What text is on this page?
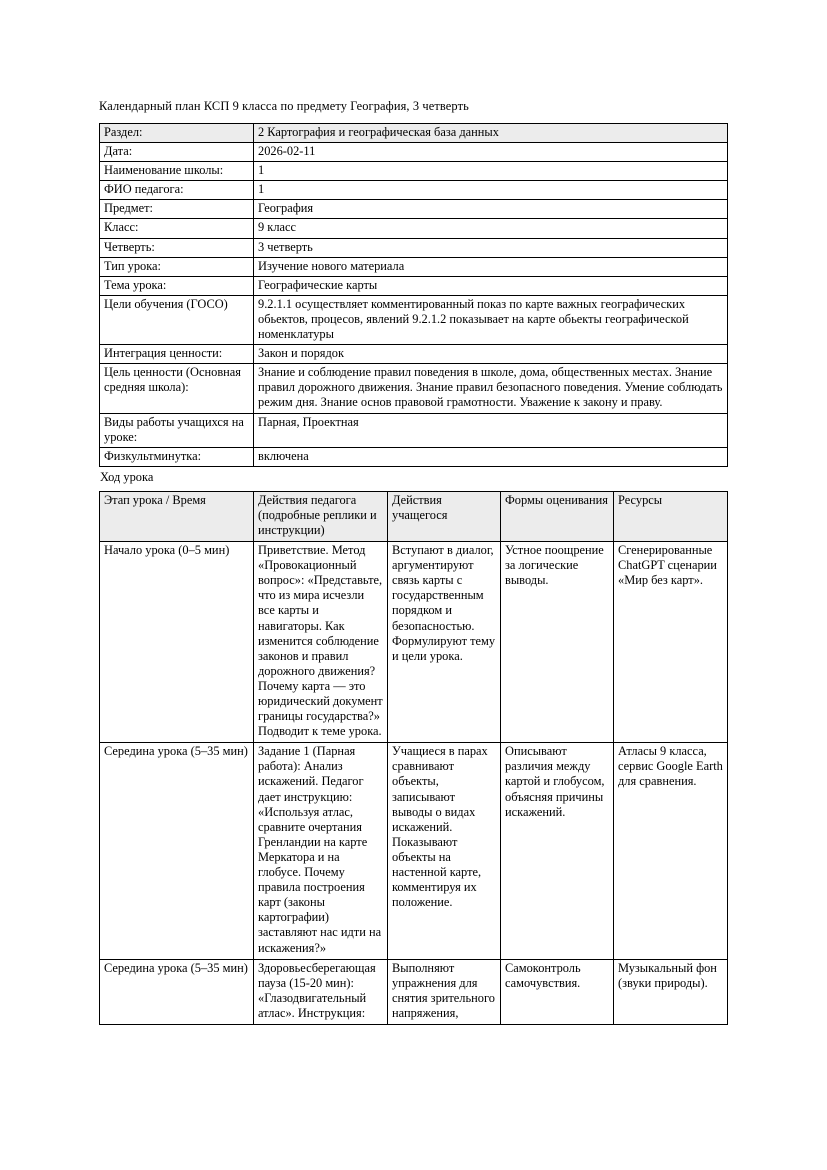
Календарный план КСП 9 класса по предмету География, 3 четверть

Раздел:	2 Картография и географическая база данных
Дата:	2026-02-11
Наименование школы:	1
ФИО педагога:	1
Предмет:	География
Класс:	9 класс
Четверть:	3 четверть
Тип урока:	Изучение нового материала
Тема урока:	Географические карты
Цели обучения (ГОСО)	9.2.1.1 осуществляет комментированный показ по карте важных географических обьектов, процесов, явлений 9.2.1.2 показывает на карте обьекты географической номенклатуры
Интеграция ценности:	Закон и порядок
Цель ценности (Основная средняя школа):	Знание и соблюдение правил поведения в школе, дома, общественных местах. Знание правил дорожного движения. Знание правил безопасного поведения. Умение соблюдать режим дня. Знание основ правовой грамотности. Уважение к закону и праву.
Виды работы учащихся на уроке:	Парная, Проектная
Физкультминутка:	включена

Ход урока

Этап урока / Время	Действия педагога (подробные реплики и инструкции)	Действия учащегося	Формы оценивания	Ресурсы
Начало урока (0–5 мин)	Приветствие. Метод «Провокационный вопрос»: «Представьте, что из мира исчезли все карты и навигаторы. Как изменится соблюдение законов и правил дорожного движения? Почему карта — это юридический документ границы государства?» Подводит к теме урока.	Вступают в диалог, аргументируют связь карты с государственным порядком и безопасностью. Формулируют тему и цели урока.	Устное поощрение за логические выводы.	Сгенерированные ChatGPT сценарии «Мир без карт».
Середина урока (5–35 мин)	Задание 1 (Парная работа): Анализ искажений. Педагог дает инструкцию: «Используя атлас, сравните очертания Гренландии на карте Меркатора и на глобусе. Почему правила построения карт (законы картографии) заставляют нас идти на искажения?»	Учащиеся в парах сравнивают объекты, записывают выводы о видах искажений. Показывают объекты на настенной карте, комментируя их положение.	Описывают различия между картой и глобусом, объясняя причины искажений.	Атласы 9 класса, сервис Google Earth для сравнения.
Середина урока (5–35 мин)	Здоровьесберегающая пауза (15-20 мин): «Глазодвигательный атлас». Инструкция:	Выполняют упражнения для снятия зрительного напряжения,	Самоконтроль самочувствия.	Музыкальный фон (звуки природы).
